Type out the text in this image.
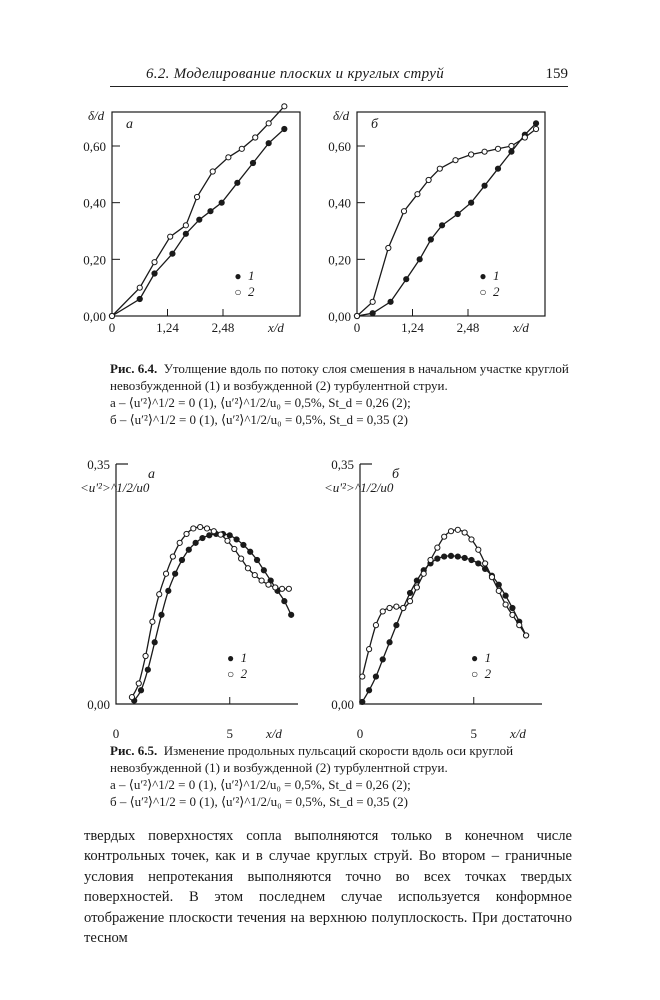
6.2. Моделирование плоских и круглых струй	159
0,00
0,20
0,40
0,60
0	1,24	2,48	x/d
δ/d
а
● 1
○ 2
0,00
0,20
0,40
0,60
0	1,24	2,48	x/d
δ/d
б
● 1
○ 2
Рис. 6.4. Утолщение вдоль по потоку слоя смешения в начальном участке круглой невозбужденной (1) и возбужденной (2) турбулентной струи.
а – ⟨u′²⟩^1/2 = 0 (1), ⟨u′²⟩^1/2/u₀ = 0,5%, St_d = 0,26 (2);
б – ⟨u′²⟩^1/2 = 0 (1), ⟨u′²⟩^1/2/u₀ = 0,5%, St_d = 0,35 (2)
0,00
0,35
0	5	x/d
<u'²>^1/2/u0
а
● 1
○ 2
0,00
0,35
0	5	x/d
<u'²>^1/2/u0
б
● 1
○ 2
Рис. 6.5. Изменение продольных пульсаций скорости вдоль оси круглой невозбужденной (1) и возбужденной (2) турбулентной струи.
а – ⟨u′²⟩^1/2 = 0 (1), ⟨u′²⟩^1/2/u₀ = 0,5%, St_d = 0,26 (2);
б – ⟨u′²⟩^1/2 = 0 (1), ⟨u′²⟩^1/2/u₀ = 0,5%, St_d = 0,35 (2)
твердых поверхностях сопла выполняются только в конечном числе контрольных точек, как и в случае круглых струй. Во втором – граничные условия непротекания выполняются точно во всех точках твердых поверхностей. В этом последнем случае используется конформное отображение плоскости течения на верхнюю полуплоскость. При достаточно тесном
